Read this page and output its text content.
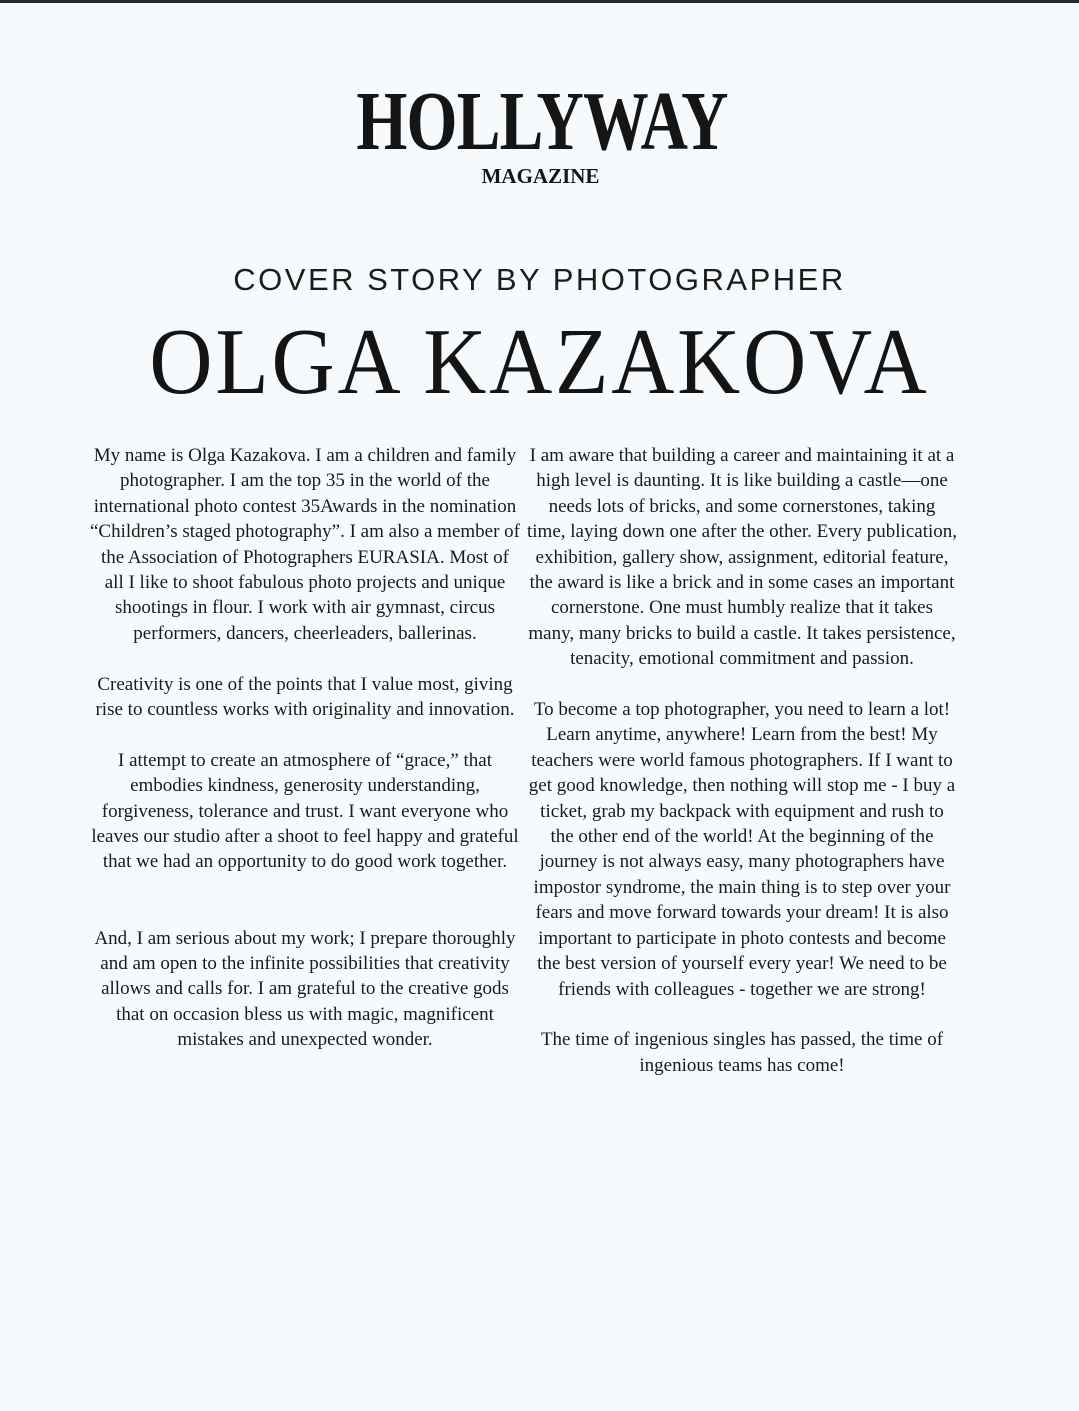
HOLLYWAY
MAGAZINE
COVER STORY BY PHOTOGRAPHER
OLGA KAZAKOVA

My name is Olga Kazakova. I am a children and family photographer. I am the top 35 in the world of the international photo contest 35Awards in the nomination “Children’s staged photography”. I am also a member of the Association of Photographers EURASIA. Most of all I like to shoot fabulous photo projects and unique shootings in flour. I work with air gymnast, circus performers, dancers, cheerleaders, ballerinas.

Creativity is one of the points that I value most, giving rise to countless works with originality and innovation.

I attempt to create an atmosphere of “grace,” that embodies kindness, generosity understanding, forgiveness, tolerance and trust. I want everyone who leaves our studio after a shoot to feel happy and grateful that we had an opportunity to do good work together.

And, I am serious about my work; I prepare thoroughly and am open to the infinite possibilities that creativity allows and calls for. I am grateful to the creative gods that on occasion bless us with magic, magnificent mistakes and unexpected wonder.

I am aware that building a career and maintaining it at a high level is daunting. It is like building a castle—one needs lots of bricks, and some cornerstones, taking time, laying down one after the other. Every publication, exhibition, gallery show, assignment, editorial feature, the award is like a brick and in some cases an important cornerstone. One must humbly realize that it takes many, many bricks to build a castle. It takes persistence, tenacity, emotional commitment and passion.

To become a top photographer, you need to learn a lot! Learn anytime, anywhere! Learn from the best! My teachers were world famous photographers. If I want to get good knowledge, then nothing will stop me - I buy a ticket, grab my backpack with equipment and rush to the other end of the world! At the beginning of the journey is not always easy, many photographers have impostor syndrome, the main thing is to step over your fears and move forward towards your dream! It is also important to participate in photo contests and become the best version of yourself every year! We need to be friends with colleagues - together we are strong!

The time of ingenious singles has passed, the time of ingenious teams has come!
